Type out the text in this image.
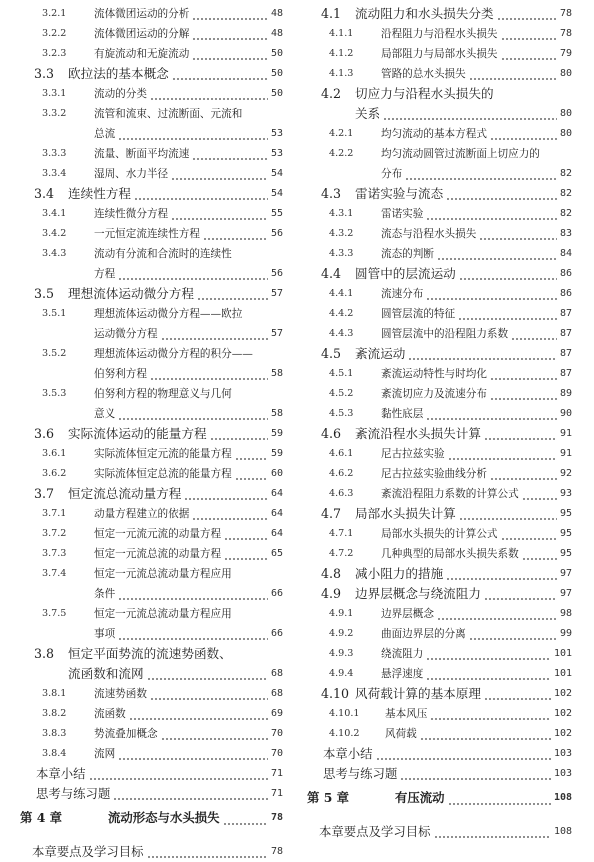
3.2.1	流体微团运动的分析	48
3.2.2	流体微团运动的分解	48
3.2.3	有旋流动和无旋流动	50
3.3	欧拉法的基本概念	50
3.3.1	流动的分类	50
3.3.2	流管和流束、过流断面、元流和
总流	53
3.3.3	流量、断面平均流速	53
3.3.4	湿周、水力半径	54
3.4	连续性方程	54
3.4.1	连续性微分方程	55
3.4.2	一元恒定流连续性方程	56
3.4.3	流动有分流和合流时的连续性
方程	56
3.5	理想流体运动微分方程	57
3.5.1	理想流体运动微分方程——欧拉
运动微分方程	57
3.5.2	理想流体运动微分方程的积分——
伯努利方程	58
3.5.3	伯努利方程的物理意义与几何
意义	58
3.6	实际流体运动的能量方程	59
3.6.1	实际流体恒定元流的能量方程	59
3.6.2	实际流体恒定总流的能量方程	60
3.7	恒定流总流动量方程	64
3.7.1	动量方程建立的依据	64
3.7.2	恒定一元流元流的动量方程	64
3.7.3	恒定一元流总流的动量方程	65
3.7.4	恒定一元流总流动量方程应用
条件	66
3.7.5	恒定一元流总流动量方程应用
事项	66
3.8	恒定平面势流的流速势函数、
流函数和流网	68
3.8.1	流速势函数	68
3.8.2	流函数	69
3.8.3	势流叠加概念	70
3.8.4	流网	70
本章小结	71
思考与练习题	71
第 4 章	流动形态与水头损失	78
本章要点及学习目标	78
4.1	流动阻力和水头损失分类	78
4.1.1	沿程阻力与沿程水头损失	78
4.1.2	局部阻力与局部水头损失	79
4.1.3	管路的总水头损失	80
4.2	切应力与沿程水头损失的
关系	80
4.2.1	均匀流动的基本方程式	80
4.2.2	均匀流动圆管过流断面上切应力的
分布	82
4.3	雷诺实验与流态	82
4.3.1	雷诺实验	82
4.3.2	流态与沿程水头损失	83
4.3.3	流态的判断	84
4.4	圆管中的层流运动	86
4.4.1	流速分布	86
4.4.2	圆管层流的特征	87
4.4.3	圆管层流中的沿程阻力系数	87
4.5	紊流运动	87
4.5.1	紊流运动特性与时均化	87
4.5.2	紊流切应力及流速分布	89
4.5.3	黏性底层	90
4.6	紊流沿程水头损失计算	91
4.6.1	尼古拉兹实验	91
4.6.2	尼古拉兹实验曲线分析	92
4.6.3	紊流沿程阻力系数的计算公式	93
4.7	局部水头损失计算	95
4.7.1	局部水头损失的计算公式	95
4.7.2	几种典型的局部水头损失系数	95
4.8	减小阻力的措施	97
4.9	边界层概念与绕流阻力	97
4.9.1	边界层概念	98
4.9.2	曲面边界层的分离	99
4.9.3	绕流阻力	101
4.9.4	悬浮速度	101
4.10 风荷载计算的基本原理	102
4.10.1	基本风压	102
4.10.2	风荷载	102
本章小结	103
思考与练习题	103
第 5 章	有压流动	108
本章要点及学习目标	108
